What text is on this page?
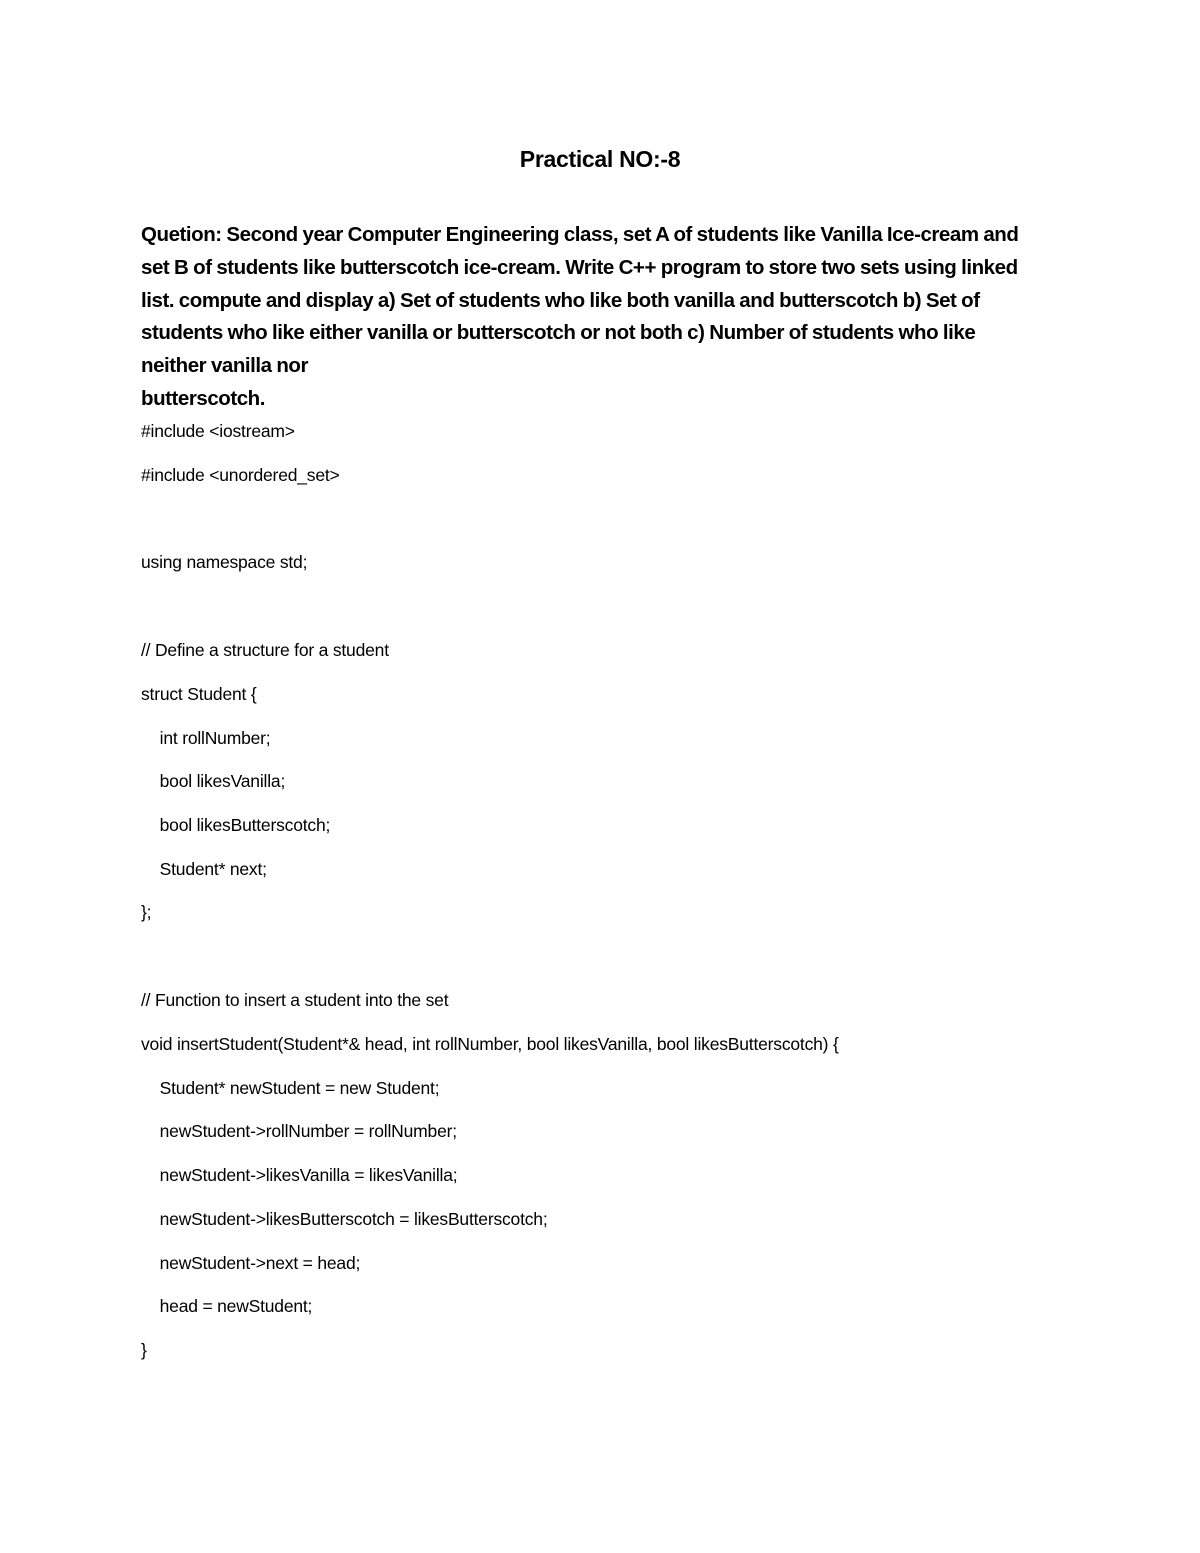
Practical NO:-8
Quetion: Second year Computer Engineering class, set A of students like Vanilla Ice-cream and
set B of students like butterscotch ice-cream. Write C++ program to store two sets using linked
list. compute and display a) Set of students who like both vanilla and butterscotch b) Set of
students who like either vanilla or butterscotch or not both c) Number of students who like
neither vanilla nor
butterscotch.
#include <iostream>
#include <unordered_set>
using namespace std;
// Define a structure for a student
struct Student {
int rollNumber;
bool likesVanilla;
bool likesButterscotch;
Student* next;
};
// Function to insert a student into the set
void insertStudent(Student*& head, int rollNumber, bool likesVanilla, bool likesButterscotch) {
Student* newStudent = new Student;
newStudent->rollNumber = rollNumber;
newStudent->likesVanilla = likesVanilla;
newStudent->likesButterscotch = likesButterscotch;
newStudent->next = head;
head = newStudent;
}
